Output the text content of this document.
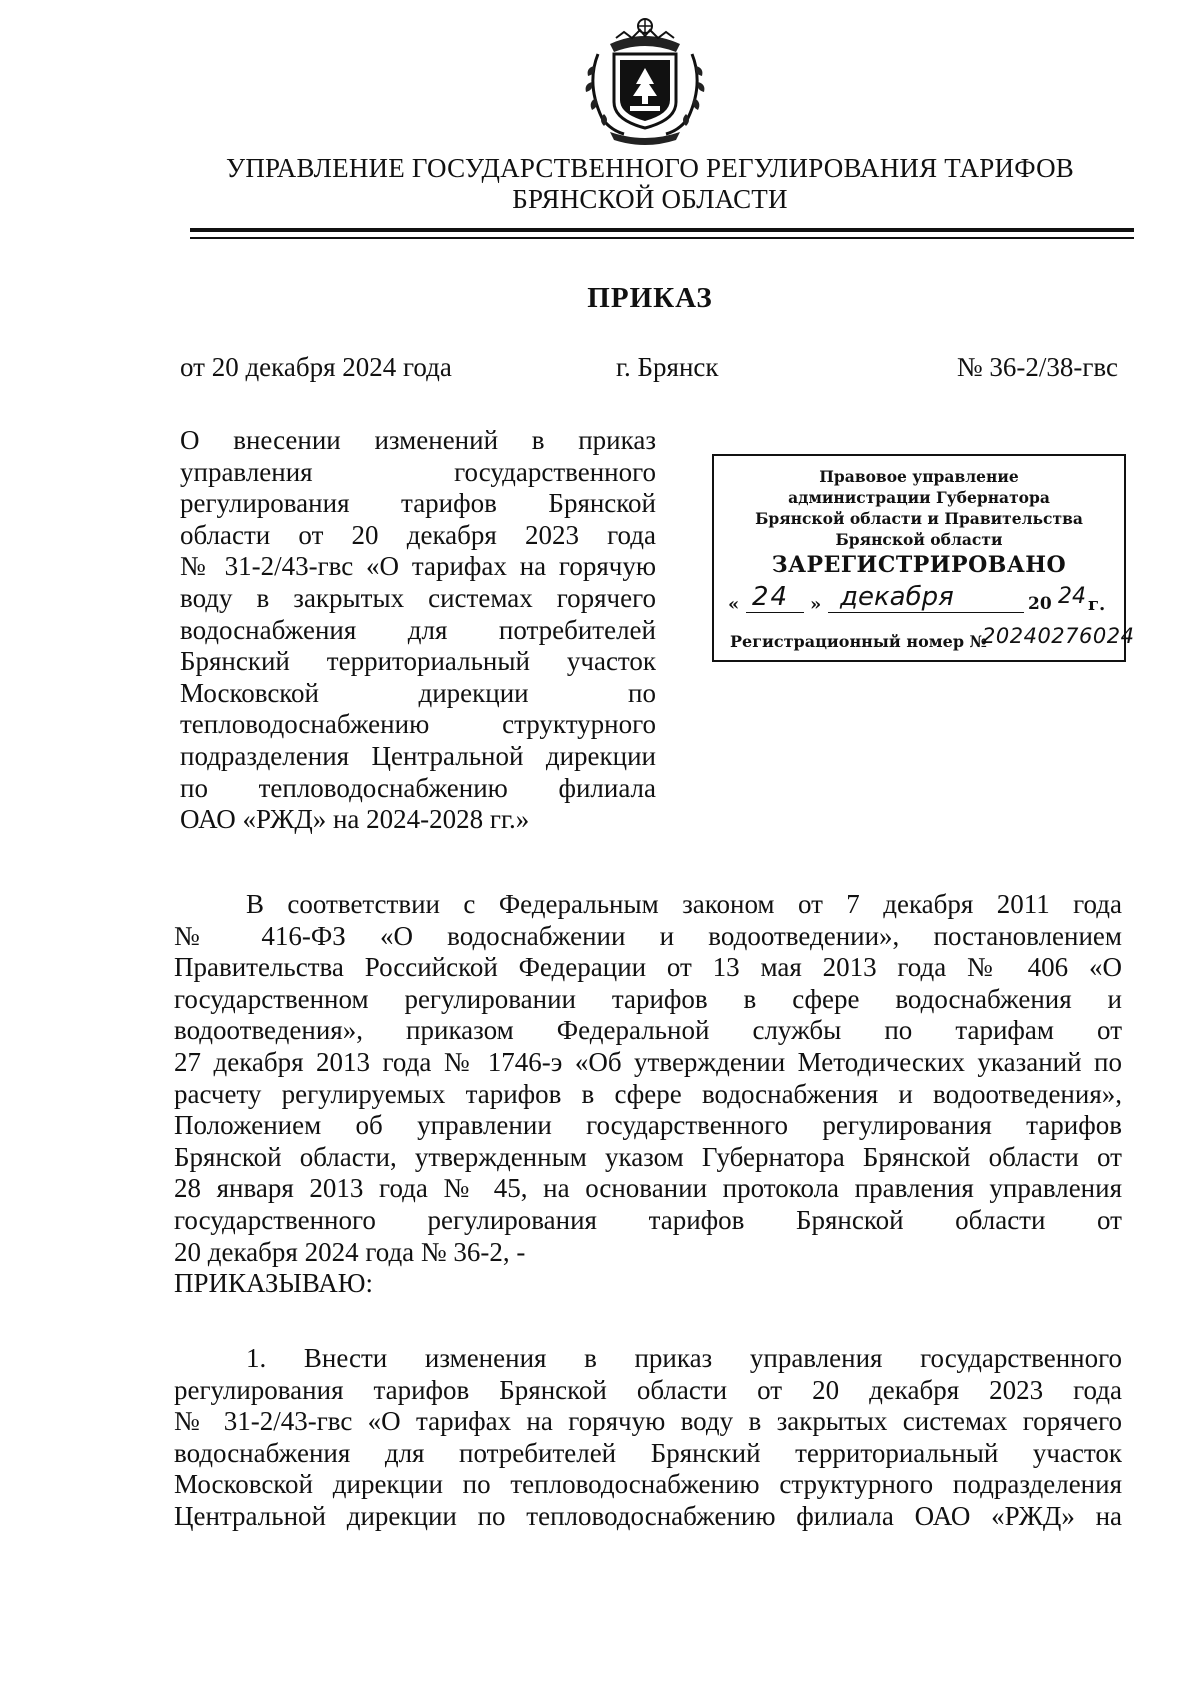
УПРАВЛЕНИЕ ГОСУДАРСТВЕННОГО РЕГУЛИРОВАНИЯ ТАРИФОВ
БРЯНСКОЙ ОБЛАСТИ
ПРИКАЗ
от 20 декабря 2024 года	г. Брянск	№ 36-2/38-гвс
О внесении изменений в приказ
управления государственного
регулирования тарифов Брянской
области от 20 декабря 2023 года
№ 31-2/43-гвс «О тарифах на горячую
воду в закрытых системах горячего
водоснабжения для потребителей
Брянский территориальный участок
Московской дирекции по
тепловодоснабжению структурного
подразделения Центральной дирекции
по тепловодоснабжению филиала
ОАО «РЖД» на 2024-2028 гг.»
Правовое управление
администрации Губернатора
Брянской области и Правительства
Брянской области
ЗАРЕГИСТРИРОВАНО
« 24 » декабря	20 24 г.
Регистрационный номер №
20240276024
В соответствии с Федеральным законом от 7 декабря 2011 года
№ 416-ФЗ «О водоснабжении и водоотведении», постановлением
Правительства Российской Федерации от 13 мая 2013 года № 406 «О
государственном регулировании тарифов в сфере водоснабжения и
водоотведения», приказом Федеральной службы по тарифам от
27 декабря 2013 года № 1746-э «Об утверждении Методических указаний по
расчету регулируемых тарифов в сфере водоснабжения и водоотведения»,
Положением об управлении государственного регулирования тарифов
Брянской области, утвержденным указом Губернатора Брянской области от
28 января 2013 года № 45, на основании протокола правления управления
государственного регулирования тарифов Брянской области от
20 декабря 2024 года № 36-2, -
ПРИКАЗЫВАЮ:
1. Внести изменения в приказ управления государственного
регулирования тарифов Брянской области от 20 декабря 2023 года
№ 31-2/43-гвс «О тарифах на горячую воду в закрытых системах горячего
водоснабжения для потребителей Брянский территориальный участок
Московской дирекции по тепловодоснабжению структурного подразделения
Центральной дирекции по тепловодоснабжению филиала ОАО «РЖД» на
